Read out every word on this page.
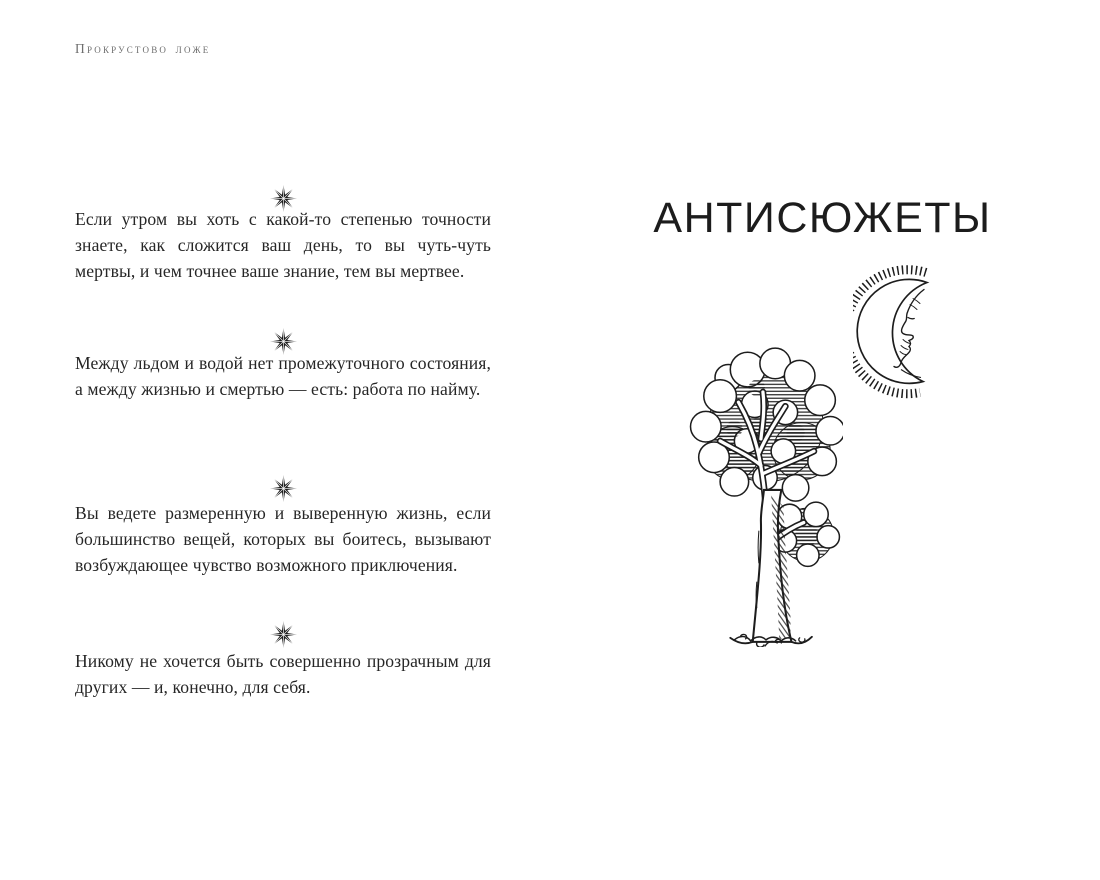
Прокрустово ложе

Если утром вы хоть с какой-то степенью точности знаете, как сложится ваш день, то вы чуть-чуть мертвы, и чем точнее ваше знание, тем вы мертвее.

Между льдом и водой нет промежуточного состояния, а между жизнью и смертью — есть: работа по найму.

Вы ведете размеренную и выверенную жизнь, если большинство вещей, которых вы боитесь, вызывают возбуждающее чувство возможного приключения.

Никому не хочется быть совершенно прозрачным для других — и, конечно, для себя.

АНТИСЮЖЕТЫ
